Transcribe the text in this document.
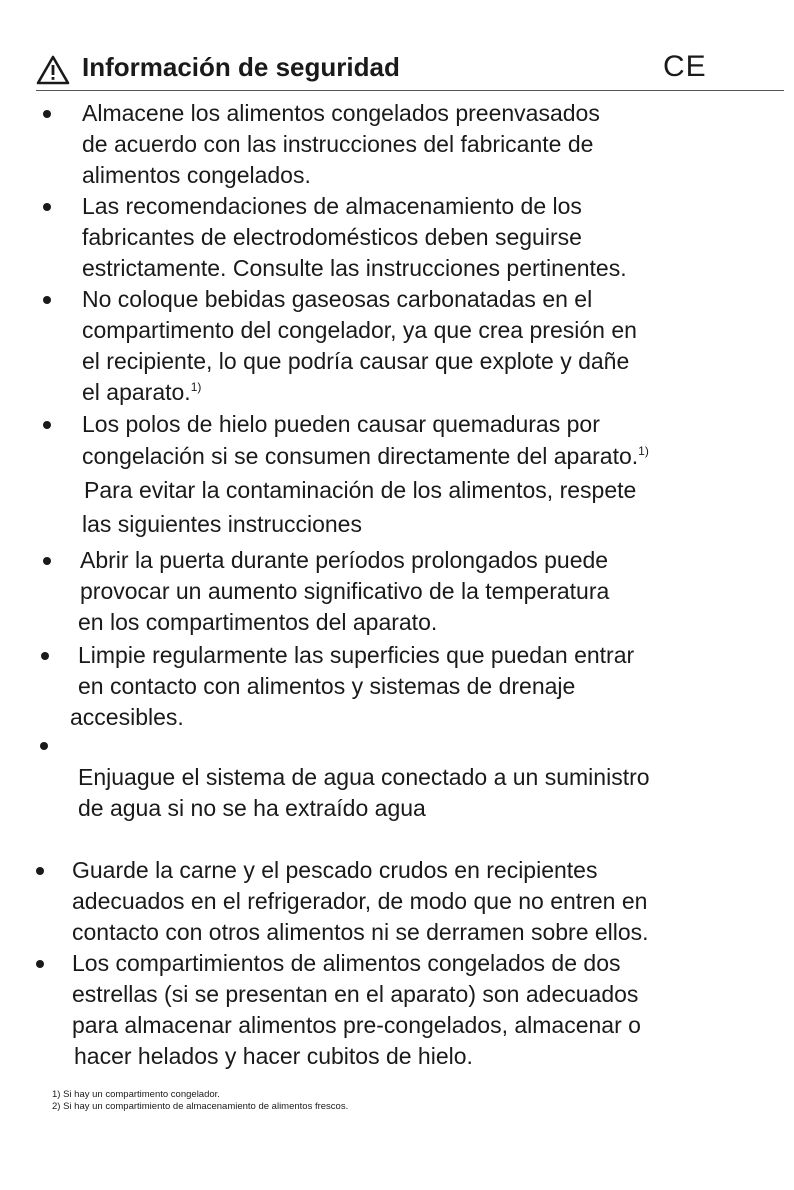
Información de seguridad	CE
Almacene los alimentos congelados preenvasados
de acuerdo con las instrucciones del fabricante de
alimentos congelados.
Las recomendaciones de almacenamiento de los
fabricantes de electrodomésticos deben seguirse
estrictamente. Consulte las instrucciones pertinentes.
No coloque bebidas gaseosas carbonatadas en el
compartimento del congelador, ya que crea presión en
el recipiente, lo que podría causar que explote y dañe
el aparato.$^{1)}$
Los polos de hielo pueden causar quemaduras por
congelación si se consumen directamente del aparato.$^{1)}$
Para evitar la contaminación de los alimentos, respete
las siguientes instrucciones
Abrir la puerta durante períodos prolongados puede
provocar un aumento significativo de la temperatura
en los compartimentos del aparato.
Limpie regularmente las superficies que puedan entrar
en contacto con alimentos y sistemas de drenaje
accesibles.
Enjuague el sistema de agua conectado a un suministro
de agua si no se ha extraído agua
Guarde la carne y el pescado crudos en recipientes
adecuados en el refrigerador, de modo que no entren en
contacto con otros alimentos ni se derramen sobre ellos.
Los compartimientos de alimentos congelados de dos
estrellas (si se presentan en el aparato) son adecuados
para almacenar alimentos pre-congelados, almacenar o
hacer helados y hacer cubitos de hielo.
1) Si hay un compartimento congelador.
2) Si hay un compartimiento de almacenamiento de alimentos frescos.
